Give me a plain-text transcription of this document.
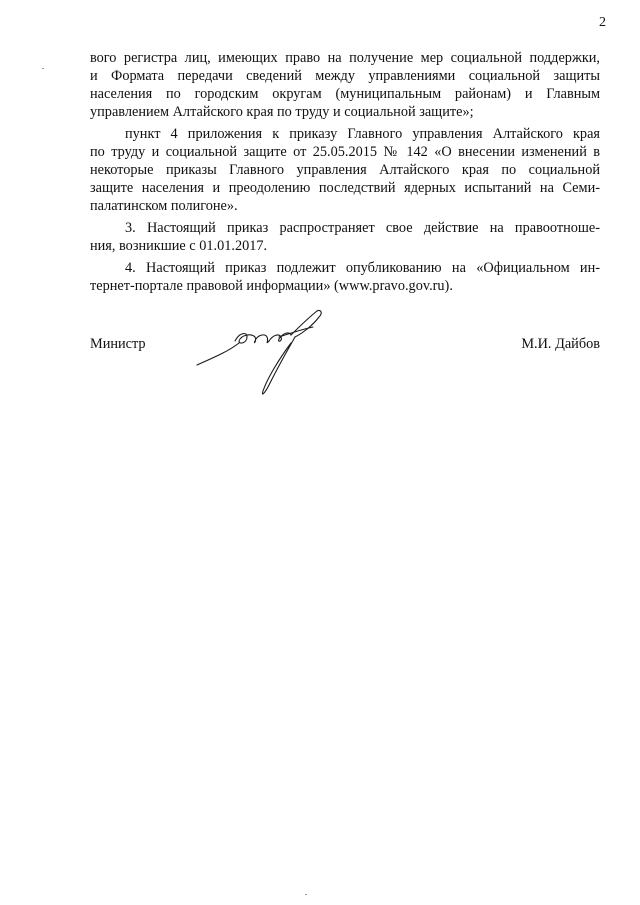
2
вого регистра лиц, имеющих право на получение мер социальной поддержки,
и Формата передачи сведений между управлениями социальной защиты
населения по городским округам (муниципальным районам) и Главным
управлением Алтайского края по труду и социальной защите»;
пункт 4 приложения к приказу Главного управления Алтайского края
по труду и социальной защите от 25.05.2015 № 142 «О внесении изменений в
некоторые приказы Главного управления Алтайского края по социальной
защите населения и преодолению последствий ядерных испытаний на Семи-
палатинском полигоне».
3. Настоящий приказ распространяет свое действие на правоотноше-
ния, возникшие с 01.01.2017.
4. Настоящий приказ подлежит опубликованию на «Официальном ин-
тернет-портале правовой информации» (www.pravo.gov.ru).
Министр	М.И. Дайбов
